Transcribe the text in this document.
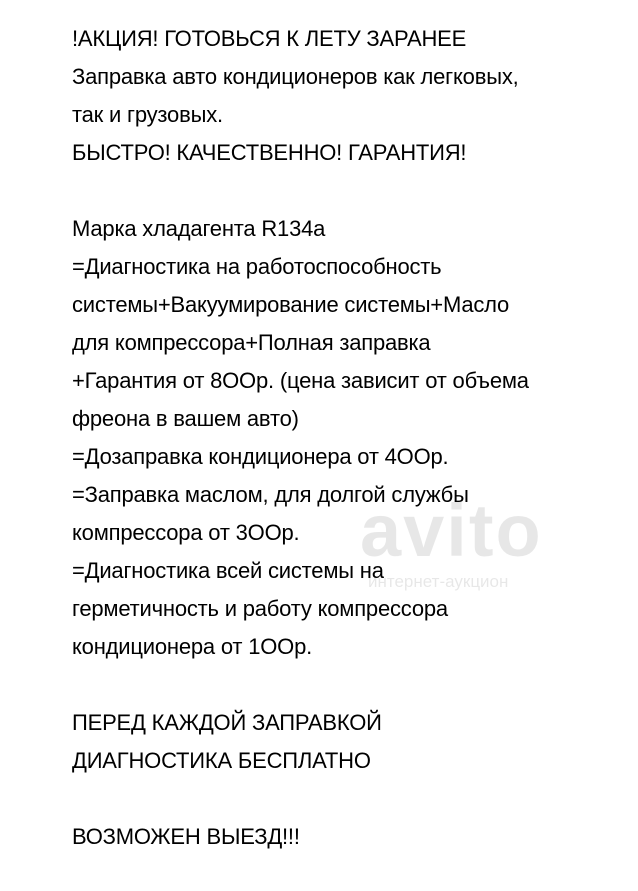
!АКЦИЯ! ГОТОВЬСЯ К ЛЕТУ ЗАРАНЕЕ
Заправка авто кондиционеров как легковых,
так и грузовых.
БЫСТРО! КАЧЕСТВЕННО! ГАРАНТИЯ!
Марка хладагента R134а
=Диагностика на работоспособность
системы+Вакуумирование системы+Масло
для компрессора+Полная заправка
+Гарантия от 8ООр. (цена зависит от объема
фреона в вашем авто)
=Дозаправка кондиционера от 4ООр.
=Заправка маслом, для долгой службы
компрессора от 3ООр.
=Диагностика всей системы на
герметичность и работу компрессора
кондиционера от 1ООр.
ПЕРЕД КАЖДОЙ ЗАПРАВКОЙ
ДИАГНОСТИКА БЕСПЛАТНО
ВОЗМОЖЕН ВЫЕЗД!!!
avito
интернет-аукцион
